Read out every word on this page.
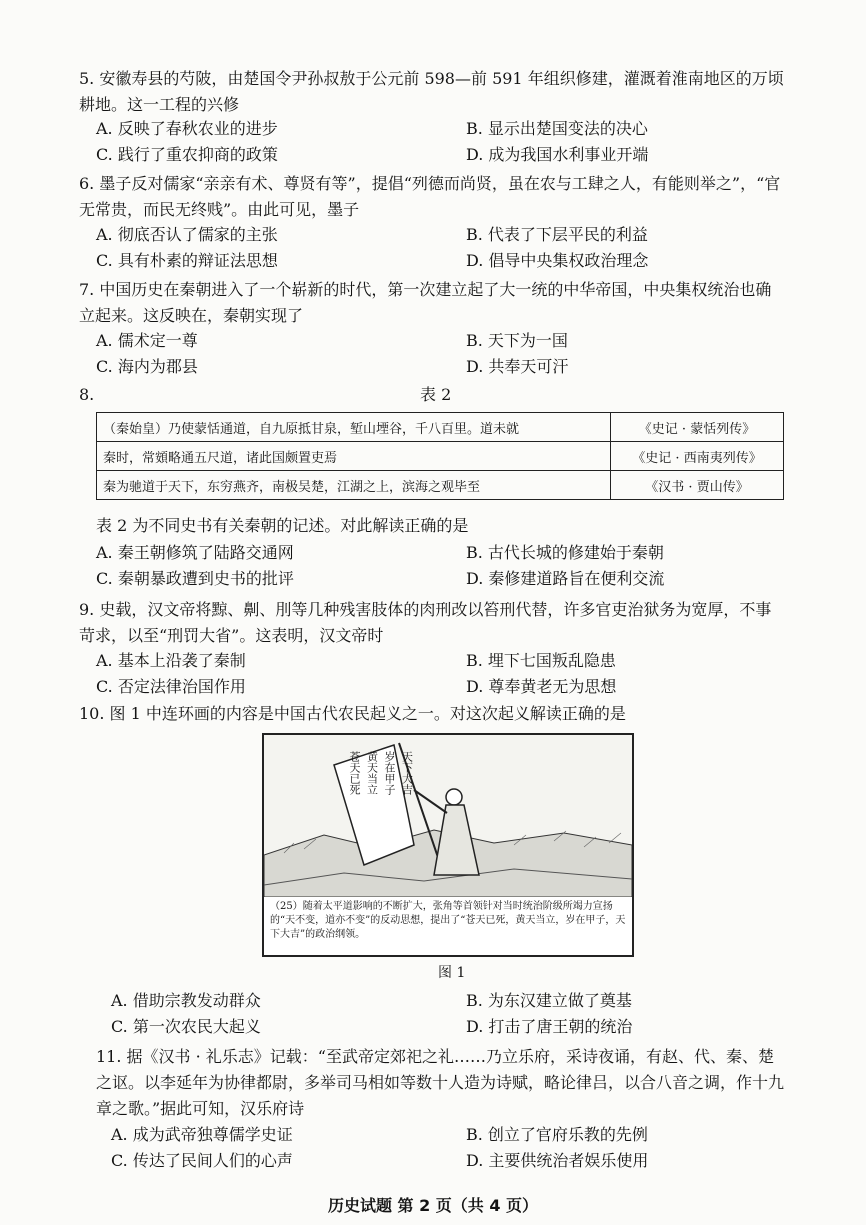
5. 安徽寿县的芍陂，由楚国令尹孙叔敖于公元前 598—前 591 年组织修建，灌溉着淮南地区的万顷耕地。这一工程的兴修
A. 反映了春秋农业的进步	B. 显示出楚国变法的决心
C. 践行了重农抑商的政策	D. 成为我国水利事业开端
6. 墨子反对儒家“亲亲有术、尊贤有等”，提倡“列德而尚贤，虽在农与工肆之人，有能则举之”，“官无常贵，而民无终贱”。由此可见，墨子
A. 彻底否认了儒家的主张	B. 代表了下层平民的利益
C. 具有朴素的辩证法思想	D. 倡导中央集权政治理念
7. 中国历史在秦朝进入了一个崭新的时代，第一次建立起了大一统的中华帝国，中央集权统治也确立起来。这反映在，秦朝实现了
A. 儒术定一尊	B. 天下为一国
C. 海内为郡县	D. 共奉天可汗
8.	表 2
（秦始皇）乃使蒙恬通道，自九原抵甘泉，堑山堙谷，千八百里。道未就	《史记 · 蒙恬列传》
秦时，常頞略通五尺道，诸此国颇置吏焉	《史记 · 西南夷列传》
秦为驰道于天下，东穷燕齐，南极吴楚，江湖之上，滨海之观毕至	《汉书 · 贾山传》
表 2 为不同史书有关秦朝的记述。对此解读正确的是
A. 秦王朝修筑了陆路交通网	B. 古代长城的修建始于秦朝
C. 秦朝暴政遭到史书的批评	D. 秦修建道路旨在便利交流
9. 史载，汉文帝将黥、劓、刖等几种残害肢体的肉刑改以笞刑代替，许多官吏治狱务为宽厚，不事苛求，以至“刑罚大省”。这表明，汉文帝时
A. 基本上沿袭了秦制	B. 埋下七国叛乱隐患
C. 否定法律治国作用	D. 尊奉黄老无为思想
10. 图 1 中连环画的内容是中国古代农民起义之一。对这次起义解读正确的是
苍天已死 黄天当立 岁在甲子 天下大吉
（25）随着太平道影响的不断扩大，张角等首领针对当时统治阶级所竭力宣扬的“天不变，道亦不变”的反动思想，提出了“苍天已死，黄天当立，岁在甲子，天下大吉”的政治纲领。
图 1
A. 借助宗教发动群众	B. 为东汉建立做了奠基
C. 第一次农民大起义	D. 打击了唐王朝的统治
11. 据《汉书 · 礼乐志》记载：“至武帝定郊祀之礼……乃立乐府，采诗夜诵，有赵、代、秦、楚之讴。以李延年为协律都尉，多举司马相如等数十人造为诗赋，略论律吕，以合八音之调，作十九章之歌。”据此可知，汉乐府诗
A. 成为武帝独尊儒学史证	B. 创立了官府乐教的先例
C. 传达了民间人们的心声	D. 主要供统治者娱乐使用
历史试题 第 2 页（共 4 页）
